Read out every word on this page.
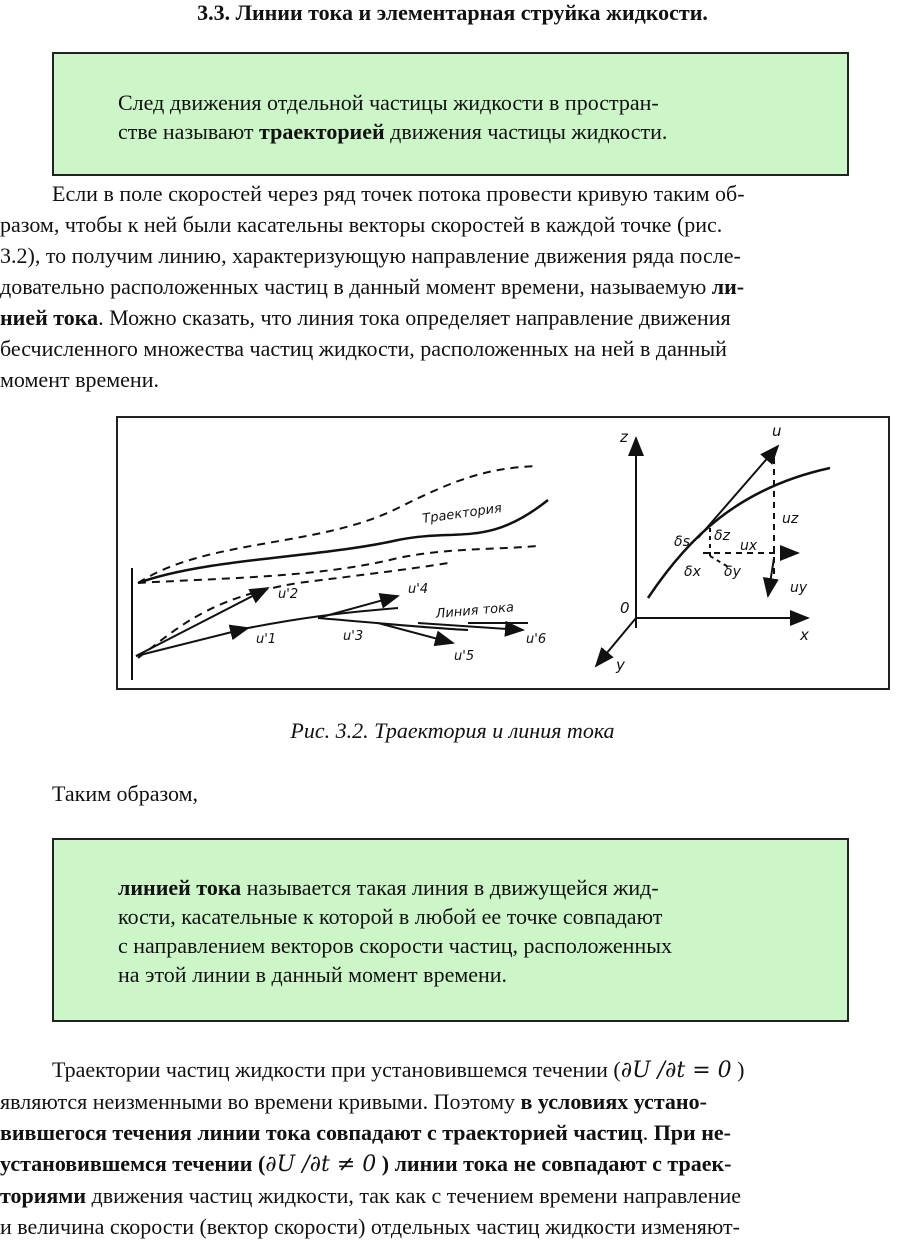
3.3. Линии тока и элементарная струйка жидкости.

След движения отдельной частицы жидкости в простран-

стве называют траекторией движения частицы жидкости.

Если в поле скоростей через ряд точек потока провести кривую таким об-
разом, чтобы к ней были касательны векторы скоростей в каждой точке (рис.
3.2), то получим линию, характеризующую направление движения ряда после-
довательно расположенных частиц в данный момент времени, называемую ли-
нией тока. Можно сказать, что линия тока определяет направление движения
бесчисленного множества частиц жидкости, расположенных на ней в данный
момент времени.
Траектория
Линия тока
u'1
u'2
u'3
u'4
u'5
u'6
z
x
y
0
u
uz
ux
uy
δs δz
δx δy
Рис. 3.2. Траектория и линия тока
Таким образом,

линией тока называется такая линия в движущейся жид-

кости, касательные к которой в любой ее точке совпадают

с направлением векторов скорости частиц, расположенных

на этой линии в данный момент времени.

Траектории частиц жидкости при установившемся течении (∂U /∂t = 0 )
являются неизменными во времени кривыми. Поэтому в условиях устано-
вившегося течения линии тока совпадают с траекторией частиц. При не-
установившемся течении (∂U /∂t ≠ 0 ) линии тока не совпадают с траек-
ториями движения частиц жидкости, так как с течением времени направление
и величина скорости (вектор скорости) отдельных частиц жидкости изменяют-
